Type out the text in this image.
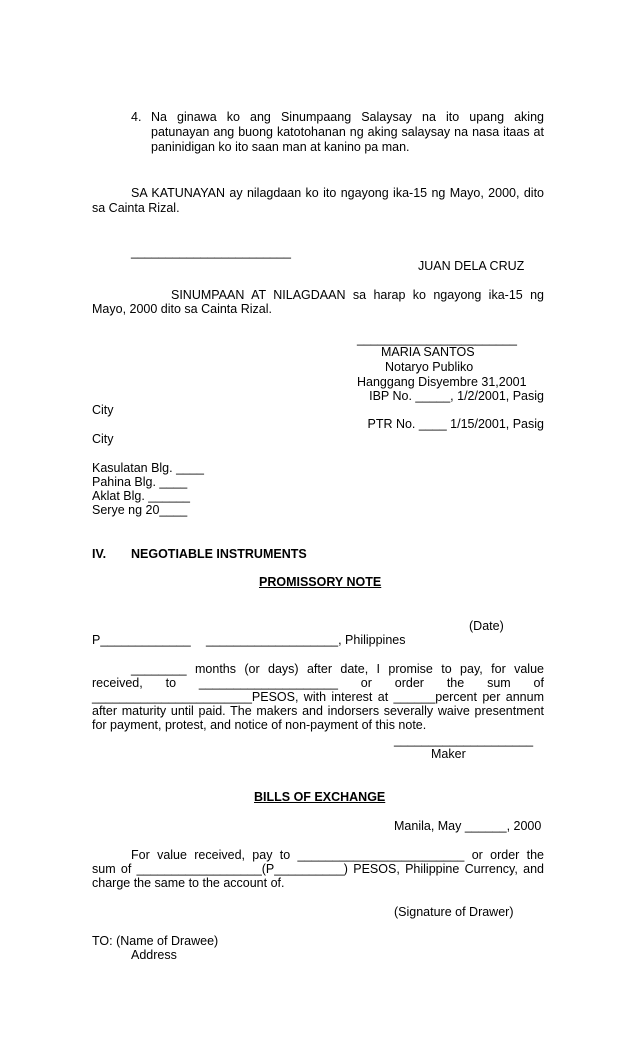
4. Na ginawa ko ang Sinumpaang Salaysay na ito upang aking patunayan ang buong katotohanan ng aking salaysay na nasa itaas at paninidigan ko ito saan man at kanino pa man.
SA KATUNAYAN ay nilagdaan ko ito ngayong ika-15 ng Mayo, 2000, dito
sa Cainta Rizal.
_______________________
JUAN DELA CRUZ
SINUMPAAN AT NILAGDAAN sa harap ko ngayong ika-15 ng
Mayo, 2000 dito sa Cainta Rizal.
_______________________
MARIA SANTOS
Notaryo Publiko
Hanggang Disyembre 31,2001
IBP No. _____, 1/2/2001, Pasig
City
PTR No. ____ 1/15/2001, Pasig
City
Kasulatan Blg. ____
Pahina Blg. ____
Aklat Blg. ______
Serye ng 20____
IV. NEGOTIABLE INSTRUMENTS
PROMISSORY NOTE
(Date)
P_____________ ___________________, Philippines
________ months (or days) after date, I promise to pay, for value
received, to ____________________ or order the sum of
_______________________PESOS, with interest at ______percent per annum
after maturity until paid. The makers and indorsers severally waive presentment
for payment, protest, and notice of non-payment of this note.
____________________
Maker
BILLS OF EXCHANGE
Manila, May ______, 2000
For value received, pay to ________________________ or order the
sum of __________________(P__________) PESOS, Philippine Currency, and
charge the same to the account of.
(Signature of Drawer)
TO: (Name of Drawee)
Address
